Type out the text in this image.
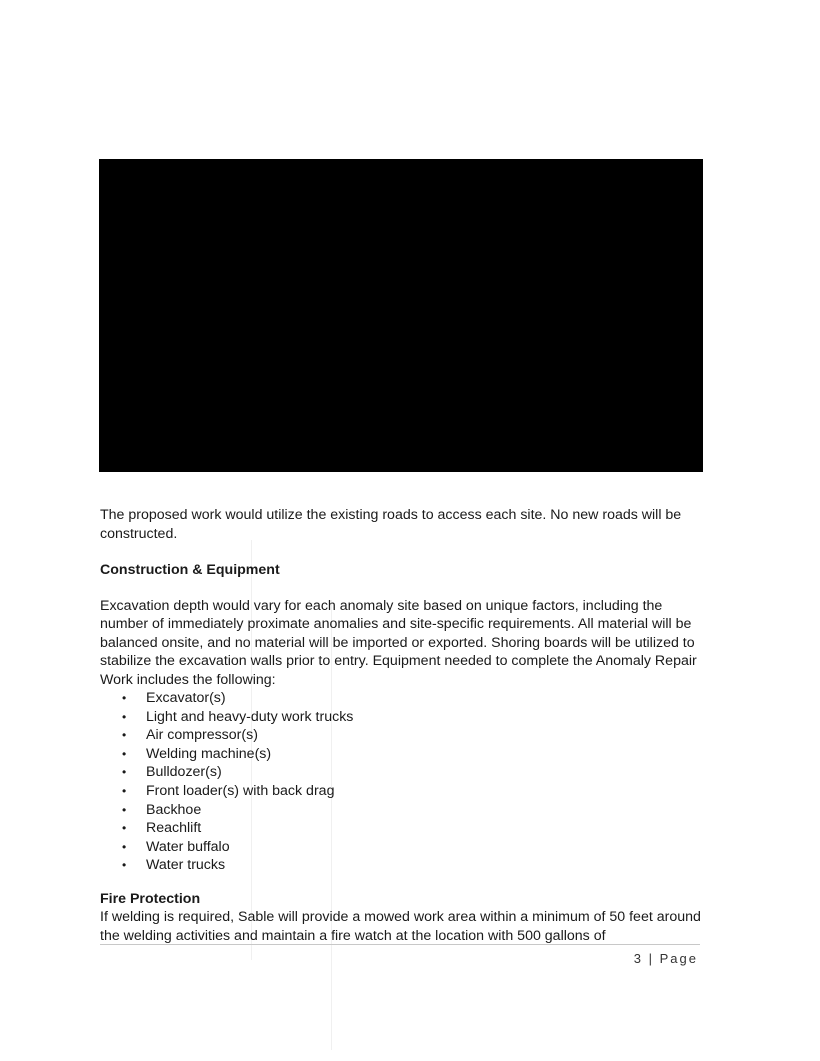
The proposed work would utilize the existing roads to access each site. No new roads will be constructed.

Construction & Equipment

Excavation depth would vary for each anomaly site based on unique factors, including the number of immediately proximate anomalies and site-specific requirements. All material will be balanced onsite, and no material will be imported or exported. Shoring boards will be utilized to stabilize the excavation walls prior to entry. Equipment needed to complete the Anomaly Repair Work includes the following:

• Excavator(s)
• Light and heavy-duty work trucks
• Air compressor(s)
• Welding machine(s)
• Bulldozer(s)
• Front loader(s) with back drag
• Backhoe
• Reachlift
• Water buffalo
• Water trucks

Fire Protection

If welding is required, Sable will provide a mowed work area within a minimum of 50 feet around the welding activities and maintain a fire watch at the location with 500 gallons of

3 | Page
